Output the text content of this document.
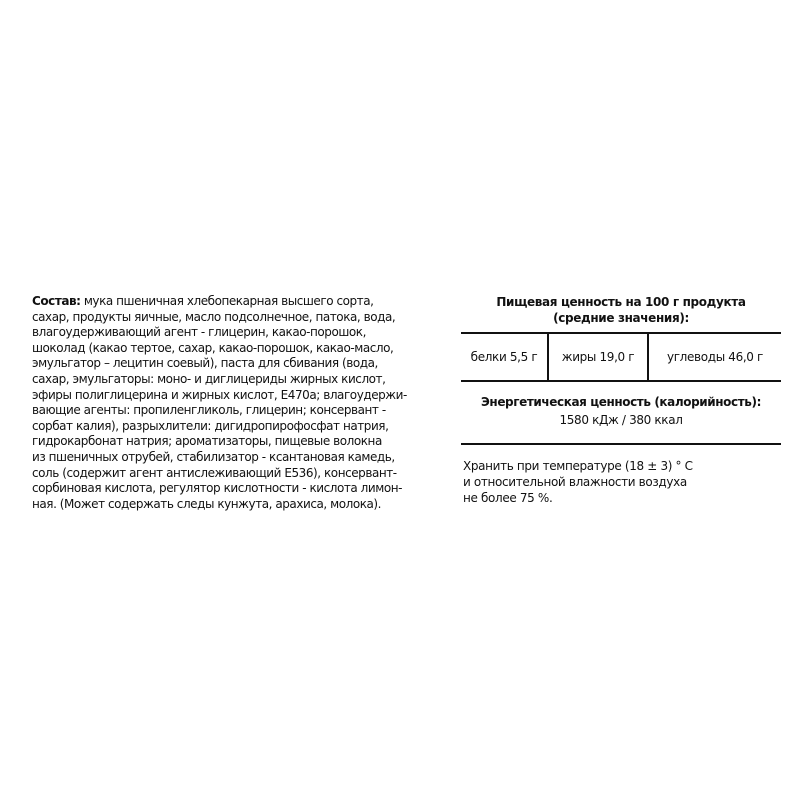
Состав: мука пшеничная хлебопекарная высшего сорта,
сахар, продукты яичные, масло подсолнечное, патока, вода,
влагоудерживающий агент - глицерин, какао-порошок,
шоколад (какао тертое, сахар, какао-порошок, какао-масло,
эмульгатор – лецитин соевый), паста для сбивания (вода,
сахар, эмульгаторы: моно- и диглицериды жирных кислот,
эфиры полиглицерина и жирных кислот, Е470а; влагоудержи-
вающие агенты: пропиленгликоль, глицерин; консервант -
сорбат калия), разрыхлители: дигидропирофосфат натрия,
гидрокарбонат натрия; ароматизаторы, пищевые волокна
из пшеничных отрубей, стабилизатор - ксантановая камедь,
соль (содержит агент антислеживающий Е536), консервант-
сорбиновая кислота, регулятор кислотности - кислота лимон-
ная. (Может содержать следы кунжута, арахиса, молока).
Пищевая ценность на 100 г продукта
(средние значения):
белки 5,5 г	жиры 19,0 г	углеводы 46,0 г
Энергетическая ценность (калорийность):
1580 кДж / 380 ккал
Хранить при температуре (18 ± 3) ° С
и относительной влажности воздуха
не более 75 %.
